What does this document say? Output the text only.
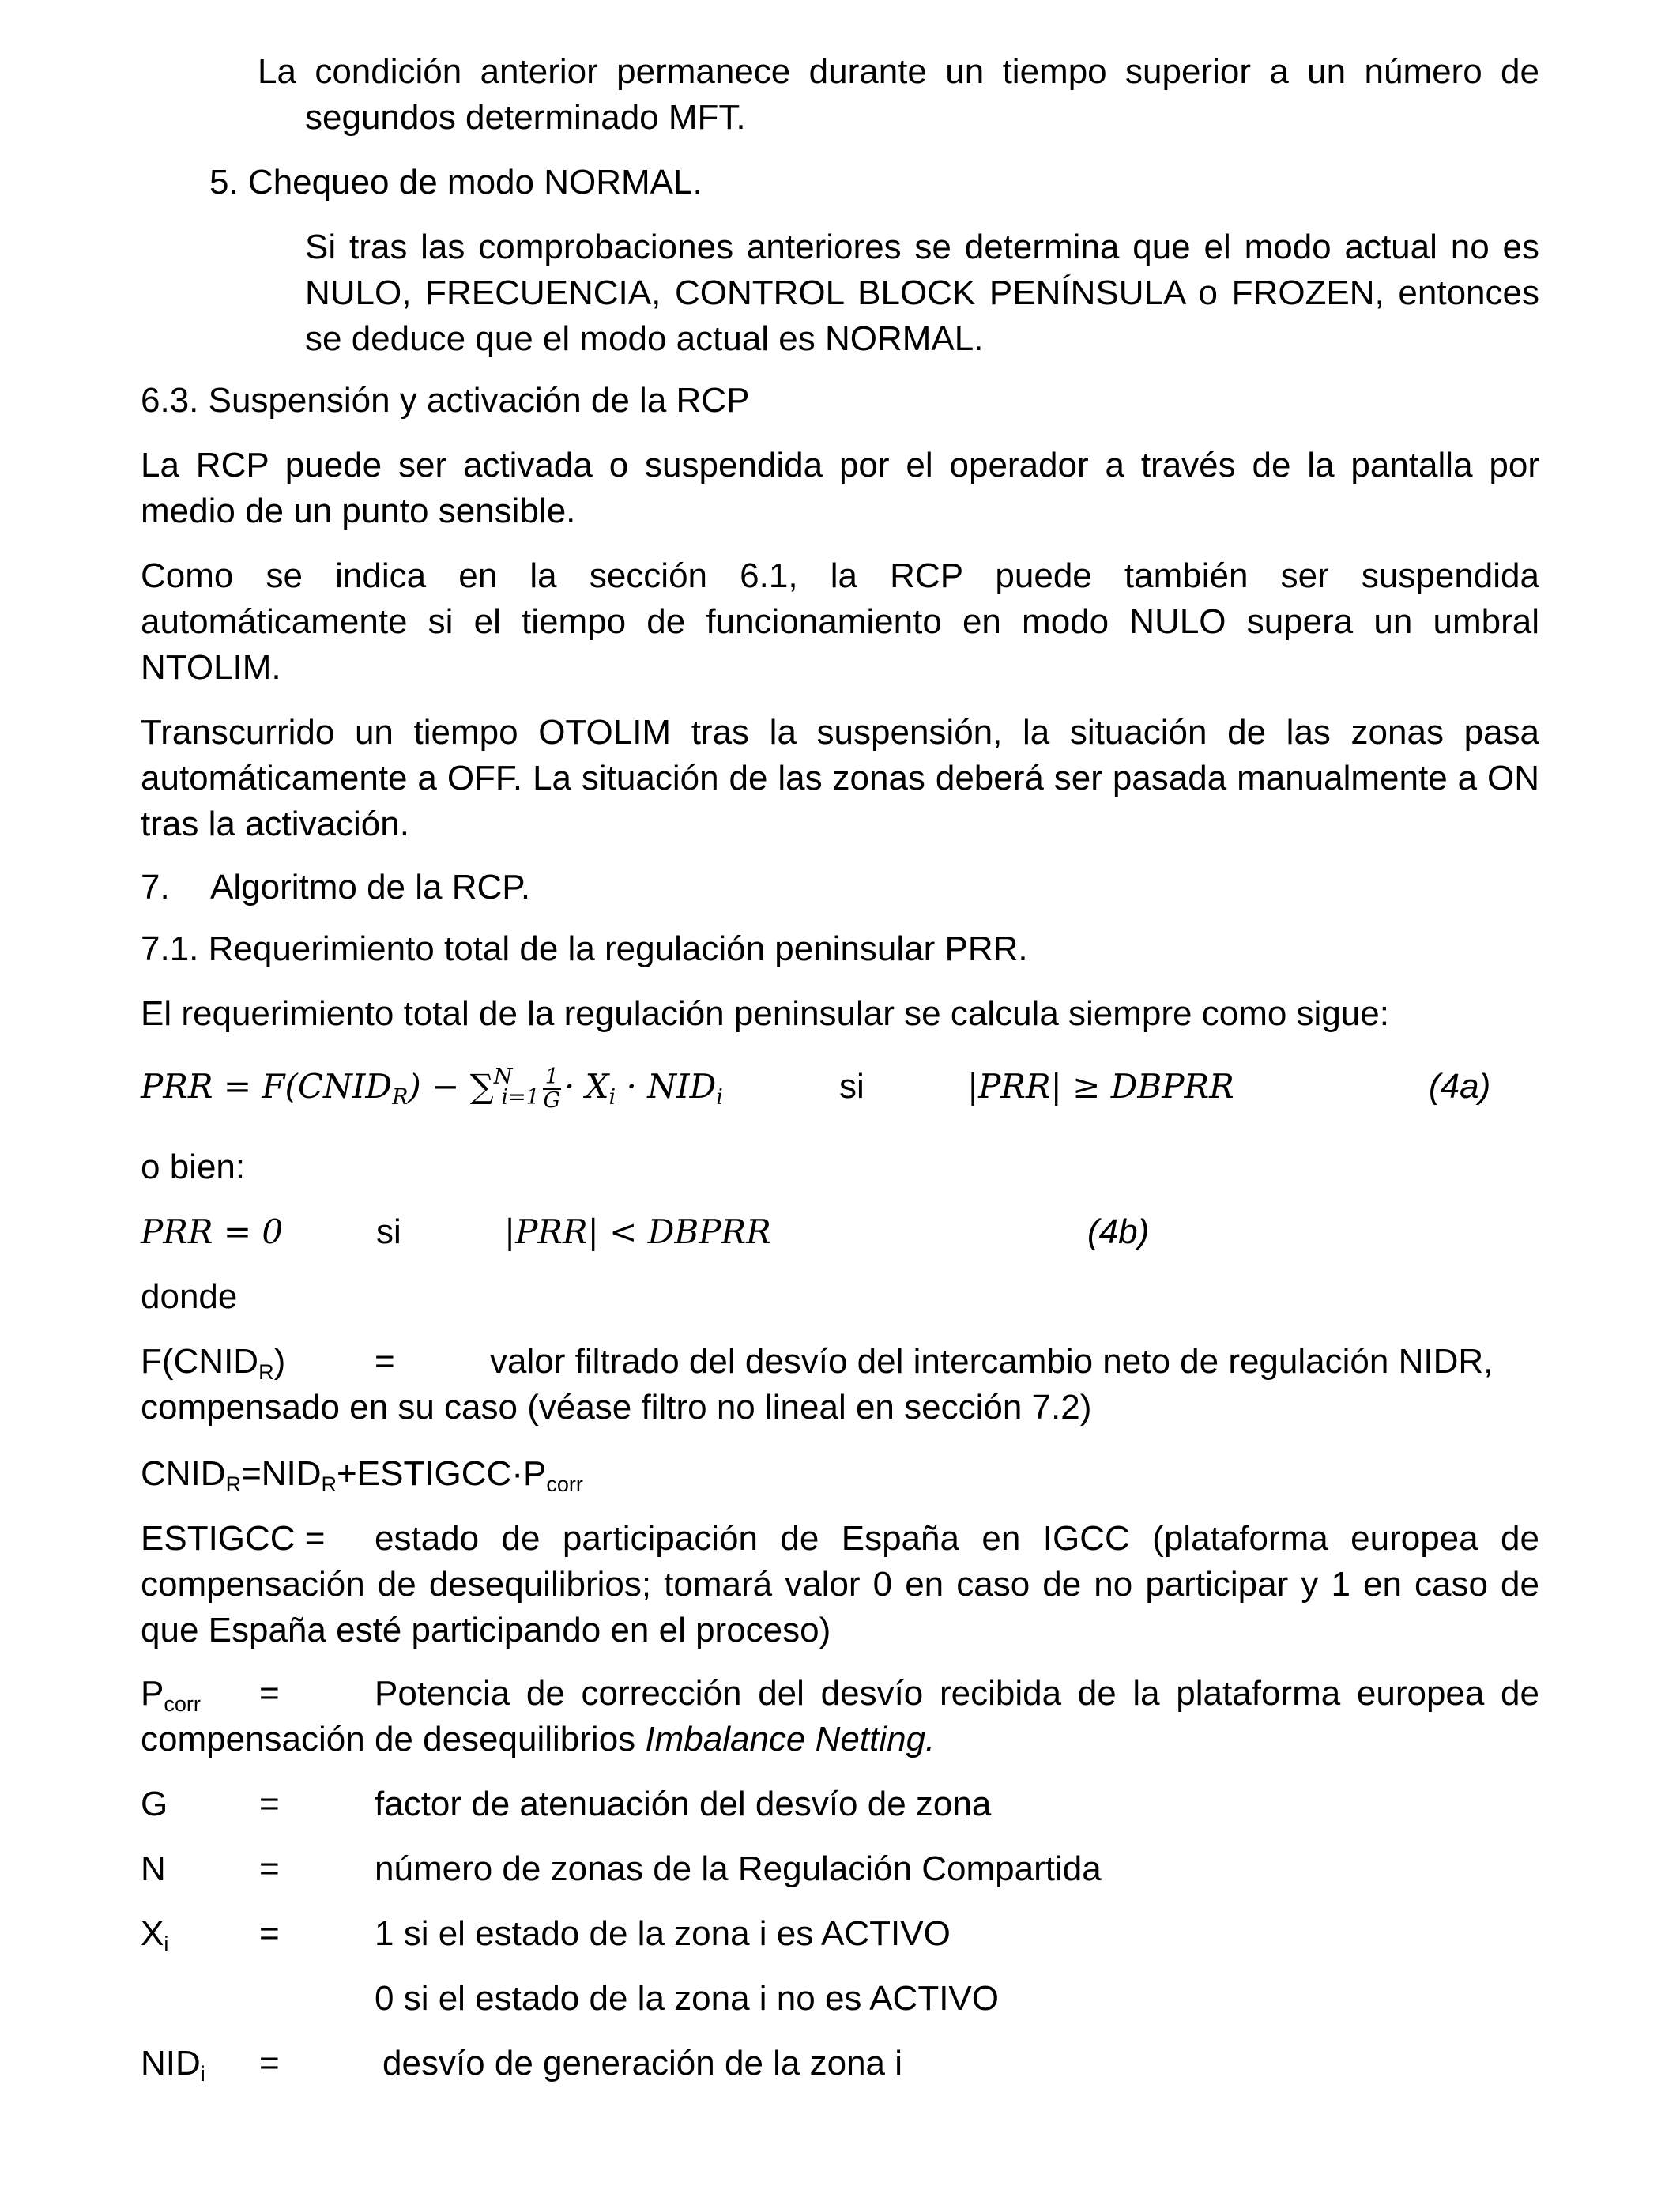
La condición anterior permanece durante un tiempo superior a un número de
segundos determinado MFT.
5. Chequeo de modo NORMAL.

Si tras las comprobaciones anteriores se determina que el modo actual no es NULO, FRECUENCIA, CONTROL BLOCK PENÍNSULA o FROZEN, entonces se deduce que el modo actual es NORMAL.

6.3. Suspensión y activación de la RCP

La RCP puede ser activada o suspendida por el operador a través de la pantalla por medio de un punto sensible.

Como se indica en la sección 6.1, la RCP puede también ser suspendida automáticamente si el tiempo de funcionamiento en modo NULO supera un umbral NTOLIM.

Transcurrido un tiempo OTOLIM tras la suspensión, la situación de las zonas pasa automáticamente a OFF. La situación de las zonas deberá ser pasada manualmente a ON tras la activación.

7. Algoritmo de la RCP.
7.1. Requerimiento total de la regulación peninsular PRR.
El requerimiento total de la regulación peninsular se calcula siempre como sigue:
PRR = $F(CNID_R) - \sum^N_{i=1} \frac{1}{G} \cdot X_i \cdot NID_i$	si	|PRR| ≥ DBPRR	(4a)
o bien:
PRR = 0	si	|PRR| < DBPRR	(4b)
donde
$F(CNID_R)$	=	valor filtrado del desvío del intercambio neto de regulación NIDR,
compensado en su caso (véase filtro no lineal en sección 7.2)
$CNID_R=NID_R+ESTIGCC\cdot P_{corr}$
ESTIGCC = estado de participación de España en IGCC (plataforma europea de

compensación de desequilibrios; tomará valor 0 en caso de no participar y 1 en caso de que España esté participando en el proceso)

$P_{corr}$ =	Potencia de corrección del desvío recibida de la plataforma europea de
compensación de desequilibrios Imbalance Netting.
G	=	factor de atenuación del desvío de zona
N	=	número de zonas de la Regulación Compartida
$X_i$	=	1 si el estado de la zona i es ACTIVO
0 si el estado de la zona i no es ACTIVO
$NID_i$ =	desvío de generación de la zona i
